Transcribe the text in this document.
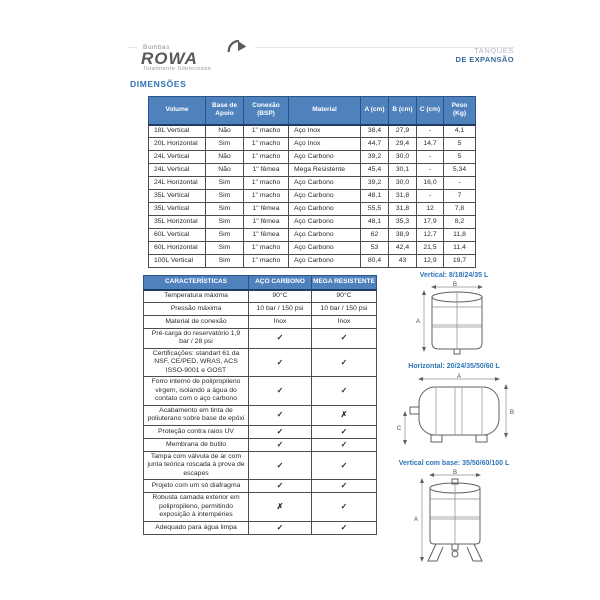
Bombas
ROWA
Totalmente Silenciosas
TANQUES
DE EXPANSÃO
DIMENSÕES
Volume	Base de Apoio	Conexão (BSP)	Material	A (cm)	B (cm)	C (cm)	Peso (Kg)
18L Vertical	Não	1" macho	Aço Inox	38,4	27,9	-	4,1
20L Horizontal	Sim	1" macho	Aço Inox	44,7	29,4	14,7	5
24L Vertical	Não	1" macho	Aço Carbono	39,2	30,0	-	5
24L Vertical	Não	1" fêmea	Mega Resistente	45,4	30,1	-	5,34
24L Horizontal	Sim	1" macho	Aço Carbono	39,2	30,0	16,0	-
35L Vertical	Sim	1" macho	Aço Carbono	48,1	31,8	-	7
35L Vertical	Sim	1" fêmea	Aço Carbono	55,5	31,8	12	7,8
35L Horizontal	Sim	1" fêmea	Aço Carbono	48,1	35,3	17,9	8,2
60L Vertical	Sim	1" fêmea	Aço Carbono	62	38,9	12,7	11,8
60L Horizontal	Sim	1" macho	Aço Carbono	53	42,4	21,5	11,4
100L Vertical	Sim	1" macho	Aço Carbono	80,4	43	12,9	19,7
CARACTERÍSTICAS	AÇO CARBONO	MEGA RESISTENTE
Temperatura máxima	90°C	90°C
Pressão máxima	10 bar / 150 psi	10 bar / 150 psi
Material de conexão	Inox	Inox
Pré-carga do reservatório 1,9 bar / 28 psi	✓	✓
Certificações: standart 61 da NSF, CE/PED, WRAS, ACS ISSO-9001 e GOST	✓	✓
Forro interno de polipropileno virgem, isolando a água do contato com o aço carbono	✓	✓
Acabamento em tinta de poliuterano sobre base de epóxi	✓	✗
Proteção contra raios UV	✓	✓
Membrana de butilo	✓	✓
Tampa com válvula de ar com junta teórica roscada à prova de escapes	✓	✓
Projeto com um só diafragma	✓	✓
Robusta camada exterior em polipropileno, permitindo exposição à intempéries	✗	✓
Adequado para água limpa	✓	✓
Vertical: 8/18/24/35 L
B
A
Horizontal: 20/24/35/50/60 L
A
B
C
Vertical com base: 35/50/60/100 L
B
A
